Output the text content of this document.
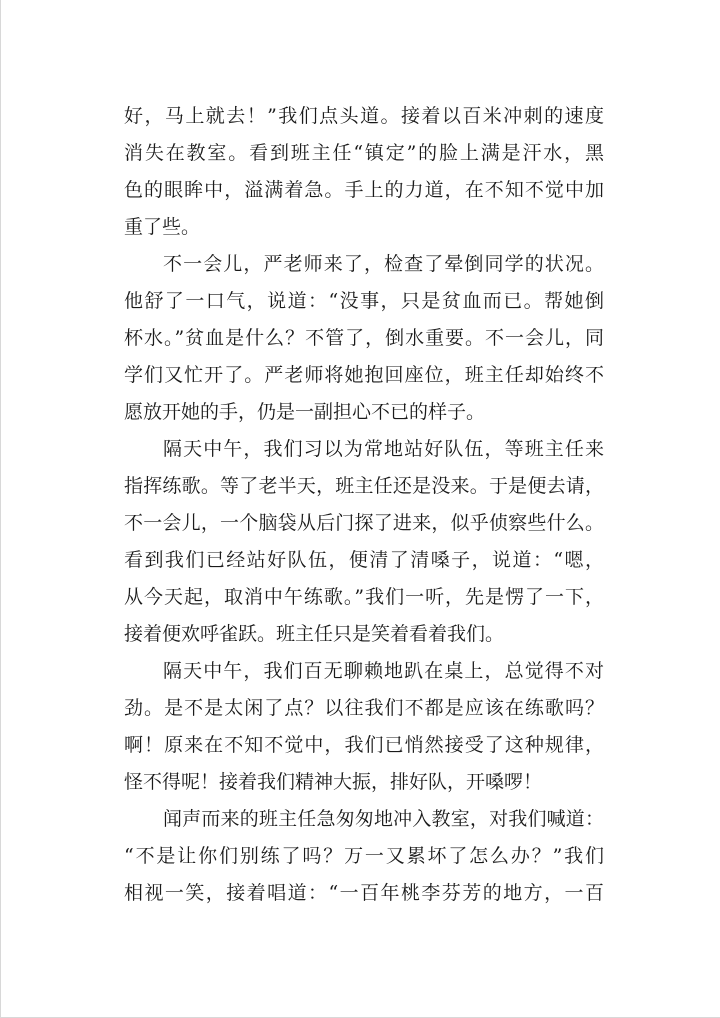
好，马上就去！”我们点头道。接着以百米冲刺的速度
消失在教室。看到班主任“镇定”的脸上满是汗水，黑
色的眼眸中，溢满着急。手上的力道，在不知不觉中加
重了些。
不一会儿，严老师来了，检查了晕倒同学的状况。
他舒了一口气，说道：“没事，只是贫血而已。帮她倒
杯水。”贫血是什么？不管了，倒水重要。不一会儿，同
学们又忙开了。严老师将她抱回座位，班主任却始终不
愿放开她的手，仍是一副担心不已的样子。
隔天中午，我们习以为常地站好队伍，等班主任来
指挥练歌。等了老半天，班主任还是没来。于是便去请，
不一会儿，一个脑袋从后门探了进来，似乎侦察些什么。
看到我们已经站好队伍，便清了清嗓子，说道：“嗯，
从今天起，取消中午练歌。”我们一听，先是愣了一下，
接着便欢呼雀跃。班主任只是笑着看着我们。
隔天中午，我们百无聊赖地趴在桌上，总觉得不对
劲。是不是太闲了点？以往我们不都是应该在练歌吗？
啊！原来在不知不觉中，我们已悄然接受了这种规律，
怪不得呢！接着我们精神大振，排好队，开嗓啰！
闻声而来的班主任急匆匆地冲入教室，对我们喊道：
“不是让你们别练了吗？万一又累坏了怎么办？”我们
相视一笑，接着唱道：“一百年桃李芬芳的地方，一百
